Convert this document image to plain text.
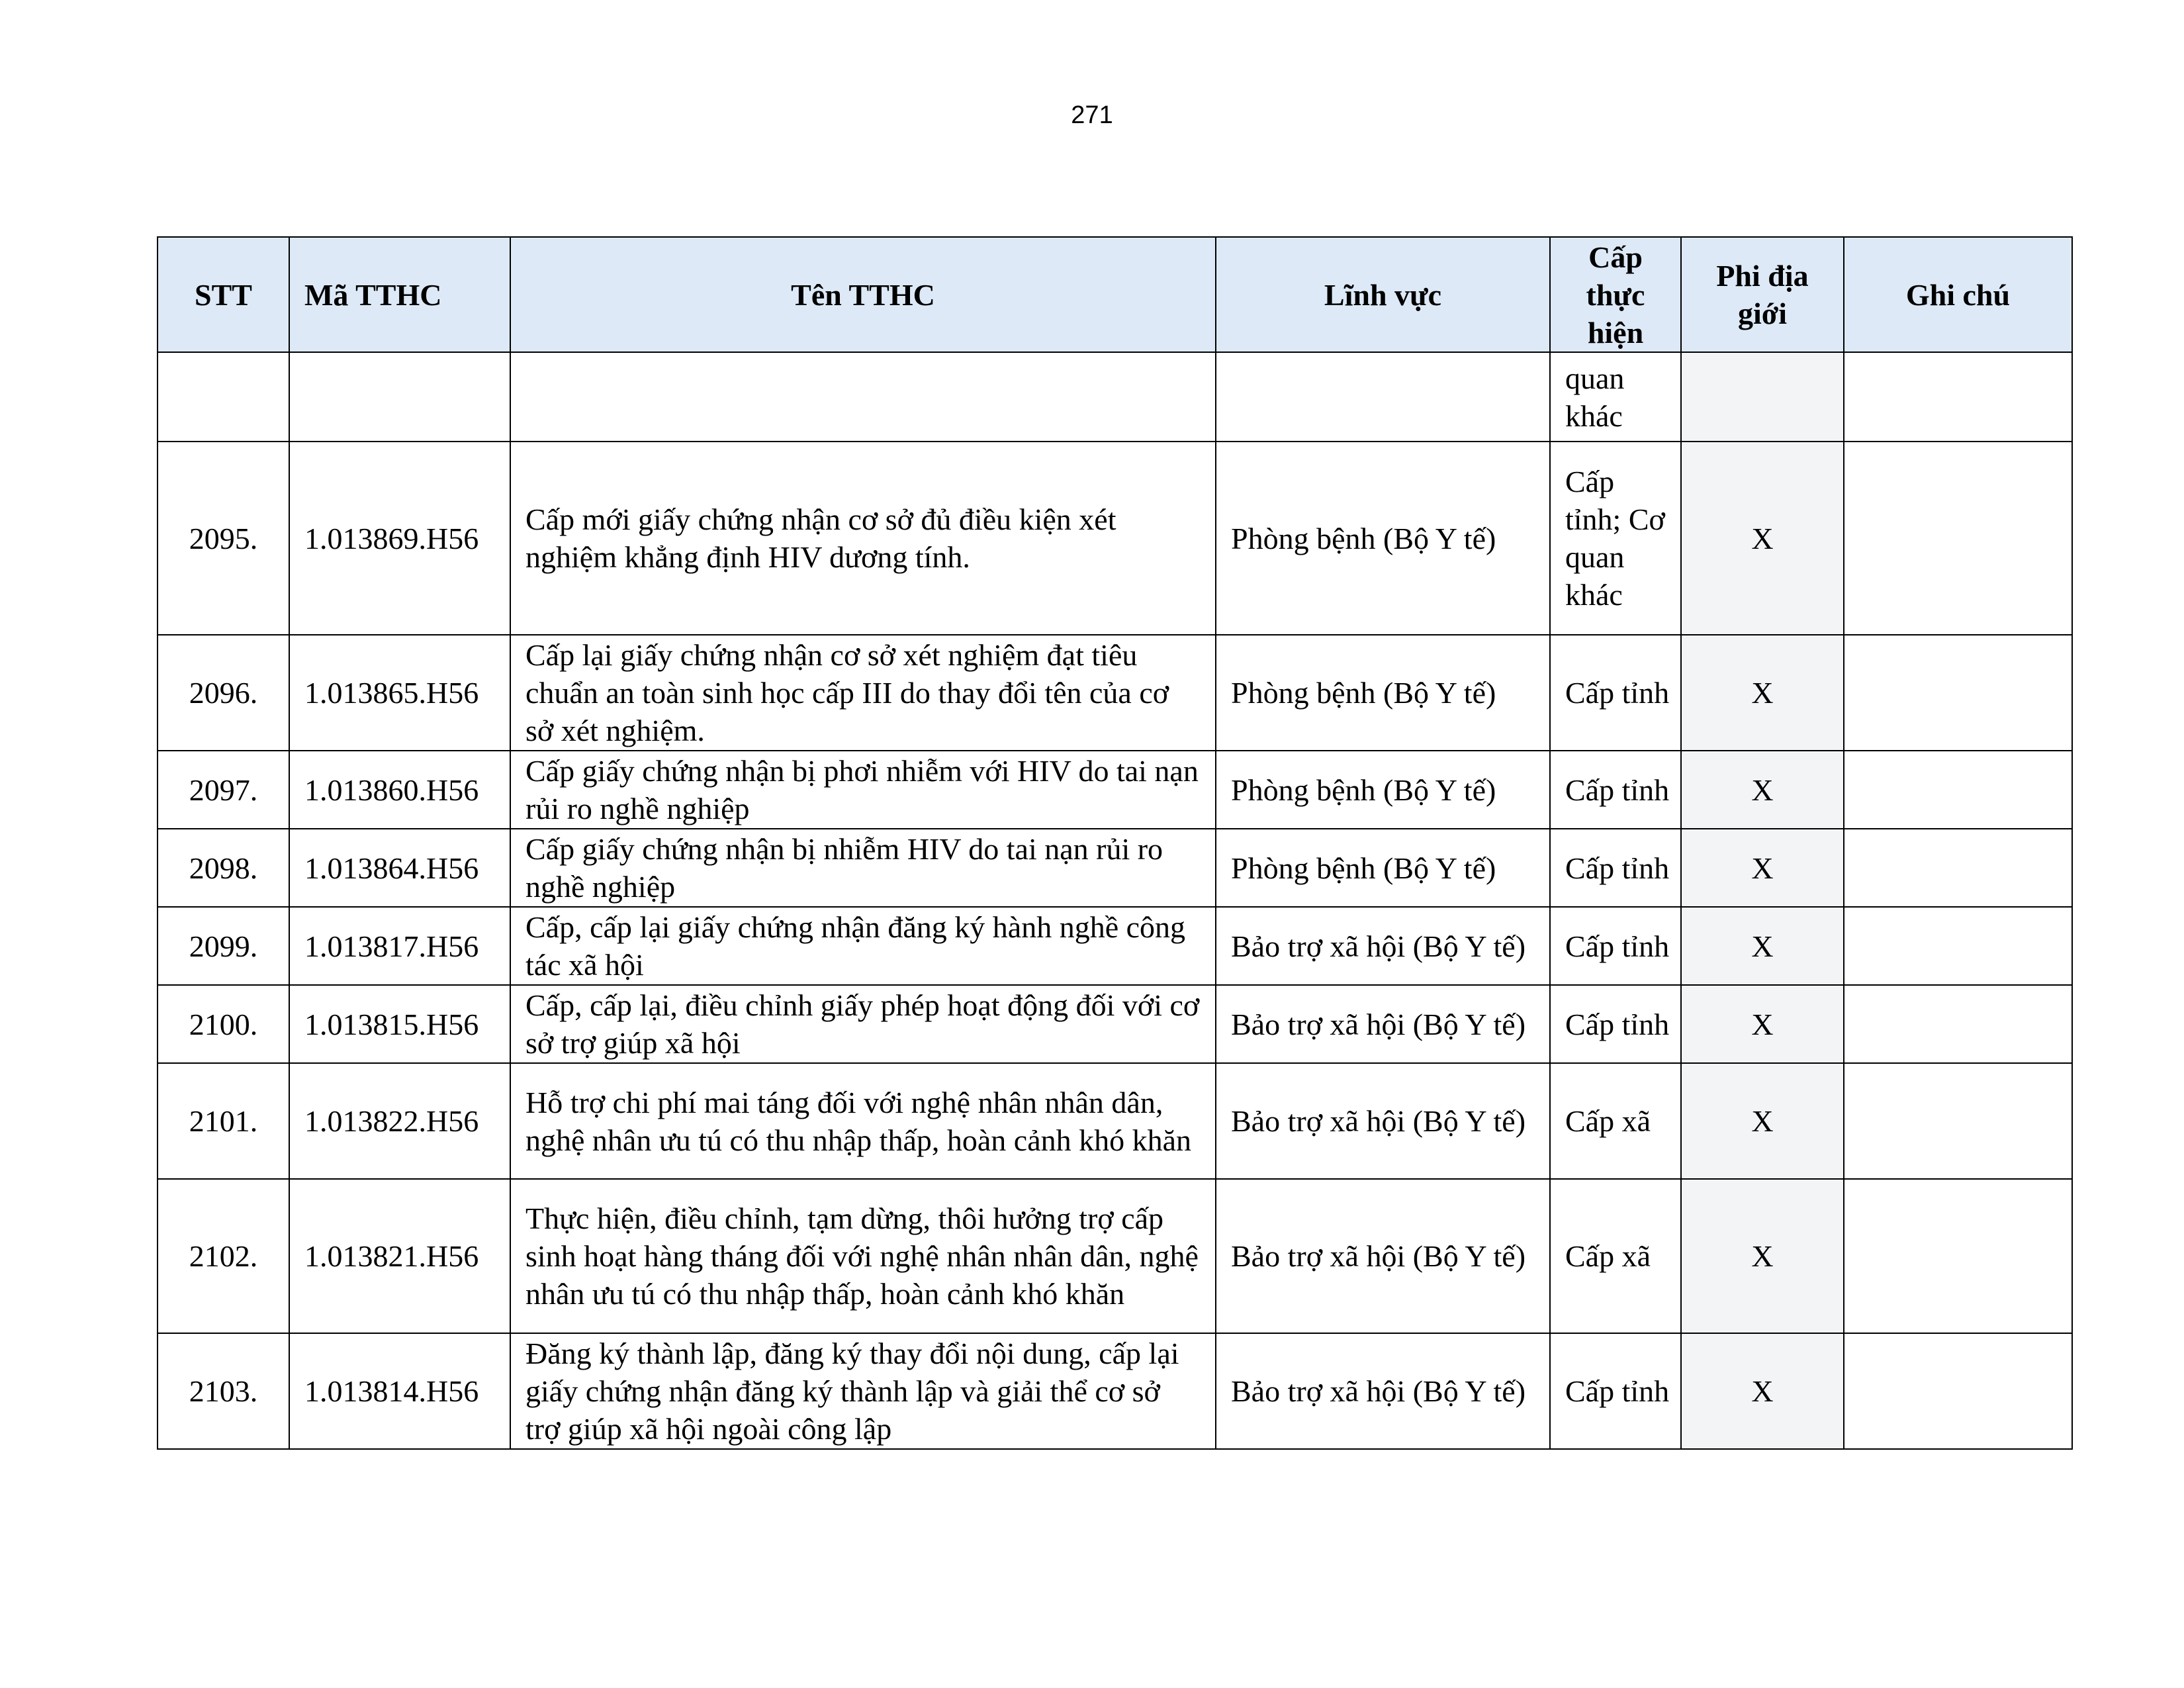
271
STT	Mã TTHC	Tên TTHC	Lĩnh vực	Cấp thực hiện	Phi địa giới	Ghi chú
				quan khác		
2095.	1.013869.H56	Cấp mới giấy chứng nhận cơ sở đủ điều kiện xét nghiệm khẳng định HIV dương tính.	Phòng bệnh (Bộ Y tế)	Cấp tỉnh; Cơ quan khác	X	
2096.	1.013865.H56	Cấp lại giấy chứng nhận cơ sở xét nghiệm đạt tiêu chuẩn an toàn sinh học cấp III do thay đổi tên của cơ sở xét nghiệm.	Phòng bệnh (Bộ Y tế)	Cấp tỉnh	X	
2097.	1.013860.H56	Cấp giấy chứng nhận bị phơi nhiễm với HIV do tai nạn rủi ro nghề nghiệp	Phòng bệnh (Bộ Y tế)	Cấp tỉnh	X	
2098.	1.013864.H56	Cấp giấy chứng nhận bị nhiễm HIV do tai nạn rủi ro nghề nghiệp	Phòng bệnh (Bộ Y tế)	Cấp tỉnh	X	
2099.	1.013817.H56	Cấp, cấp lại giấy chứng nhận đăng ký hành nghề công tác xã hội	Bảo trợ xã hội (Bộ Y tế)	Cấp tỉnh	X	
2100.	1.013815.H56	Cấp, cấp lại, điều chỉnh giấy phép hoạt động đối với cơ sở trợ giúp xã hội	Bảo trợ xã hội (Bộ Y tế)	Cấp tỉnh	X	
2101.	1.013822.H56	Hỗ trợ chi phí mai táng đối với nghệ nhân nhân dân, nghệ nhân ưu tú có thu nhập thấp, hoàn cảnh khó khăn	Bảo trợ xã hội (Bộ Y tế)	Cấp xã	X	
2102.	1.013821.H56	Thực hiện, điều chỉnh, tạm dừng, thôi hưởng trợ cấp sinh hoạt hàng tháng đối với nghệ nhân nhân dân, nghệ nhân ưu tú có thu nhập thấp, hoàn cảnh khó khăn	Bảo trợ xã hội (Bộ Y tế)	Cấp xã	X	
2103.	1.013814.H56	Đăng ký thành lập, đăng ký thay đổi nội dung, cấp lại giấy chứng nhận đăng ký thành lập và giải thể cơ sở trợ giúp xã hội ngoài công lập	Bảo trợ xã hội (Bộ Y tế)	Cấp tỉnh	X	
